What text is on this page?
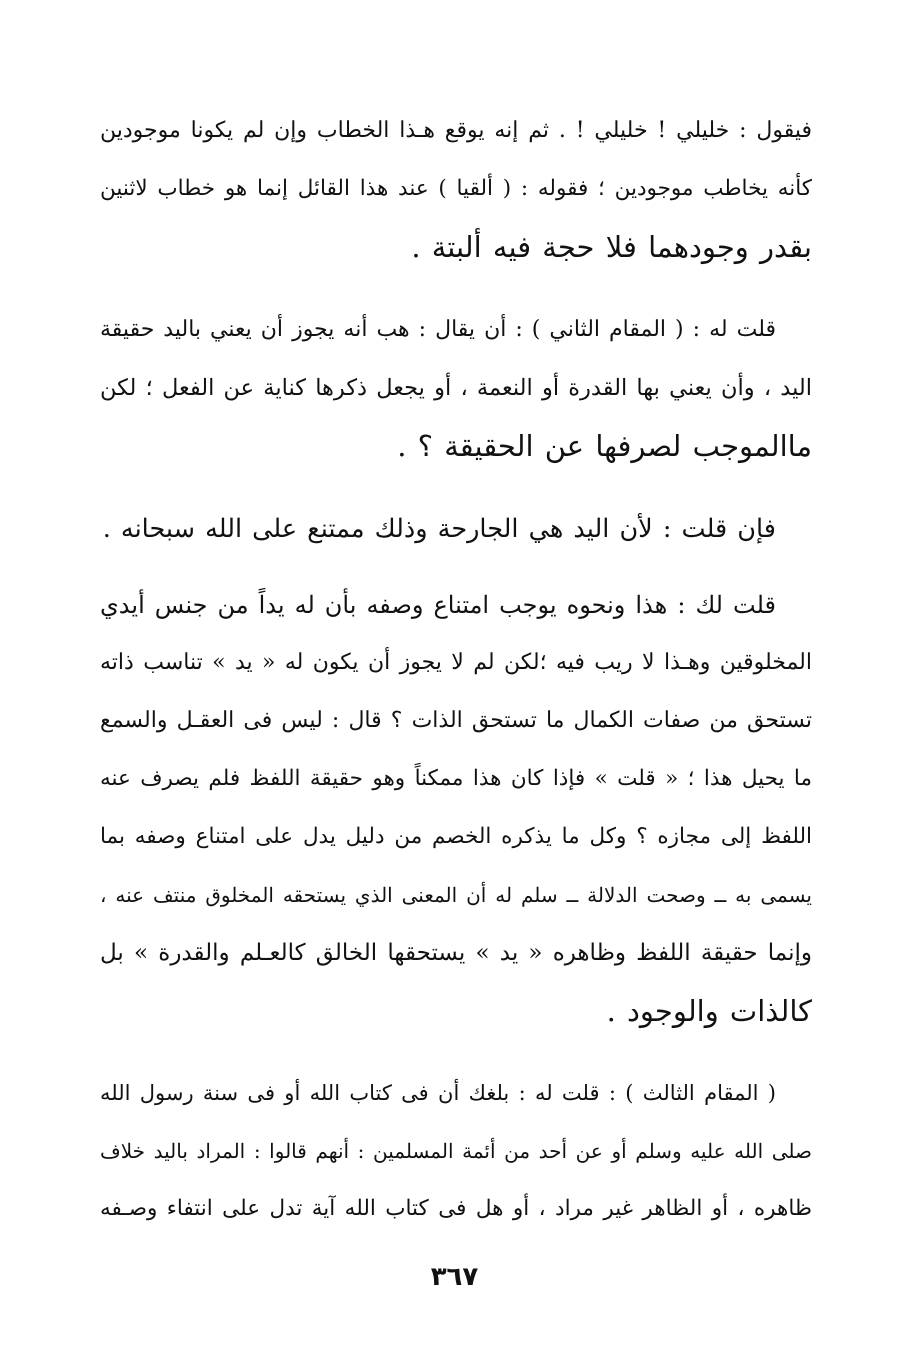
فيقول : خليلي ! خليلي ! . ثم إنه يوقع هـذا الخطاب وإن لم يكونا موجودين
كأنه يخاطب موجودين ؛ فقوله : ( ألقيا ) عند هذا القائل إنما هو خطاب لاثنين
بقدر وجودهما فلا حجة فيه ألبتة .
قلت له : ( المقام الثاني ) : أن يقال : هب أنه يجوز أن يعني باليد حقيقة
اليد ، وأن يعني بها القدرة أو النعمة ، أو يجعل ذكرها كناية عن الفعل ؛ لكن
ماالموجب لصرفها عن الحقيقة ؟ .
فإن قلت : لأن اليد هي الجارحة وذلك ممتنع على الله سبحانه .
قلت لك : هذا ونحوه يوجب امتناع وصفه بأن له يداً من جنس أيدي
المخلوقين وهـذا لا ريب فيه ؛لكن لم لا يجوز أن يكون له « يد » تناسب ذاته
تستحق من صفات الكمال ما تستحق الذات ؟ قال : ليس فى العقـل والسمع
ما يحيل هذا ؛ « قلت » فإذا كان هذا ممكناً وهو حقيقة اللفظ فلم يصرف عنه
اللفظ إلى مجازه ؟ وكل ما يذكره الخصم من دليل يدل على امتناع وصفه بما
يسمى به ــ وصحت الدلالة ــ سلم له أن المعنى الذي يستحقه المخلوق منتف عنه ،
وإنما حقيقة اللفظ وظاهره « يد » يستحقها الخالق كالعـلم والقدرة » بل
كالذات والوجود .
( المقام الثالث ) : قلت له : بلغك أن فى كتاب الله أو فى سنة رسول الله
صلى الله عليه وسلم أو عن أحد من أئمة المسلمين : أنهم قالوا : المراد باليد خلاف
ظاهره ، أو الظاهر غير مراد ، أو هل فى كتاب الله آية تدل على انتفاء وصـفه
٣٦٧
